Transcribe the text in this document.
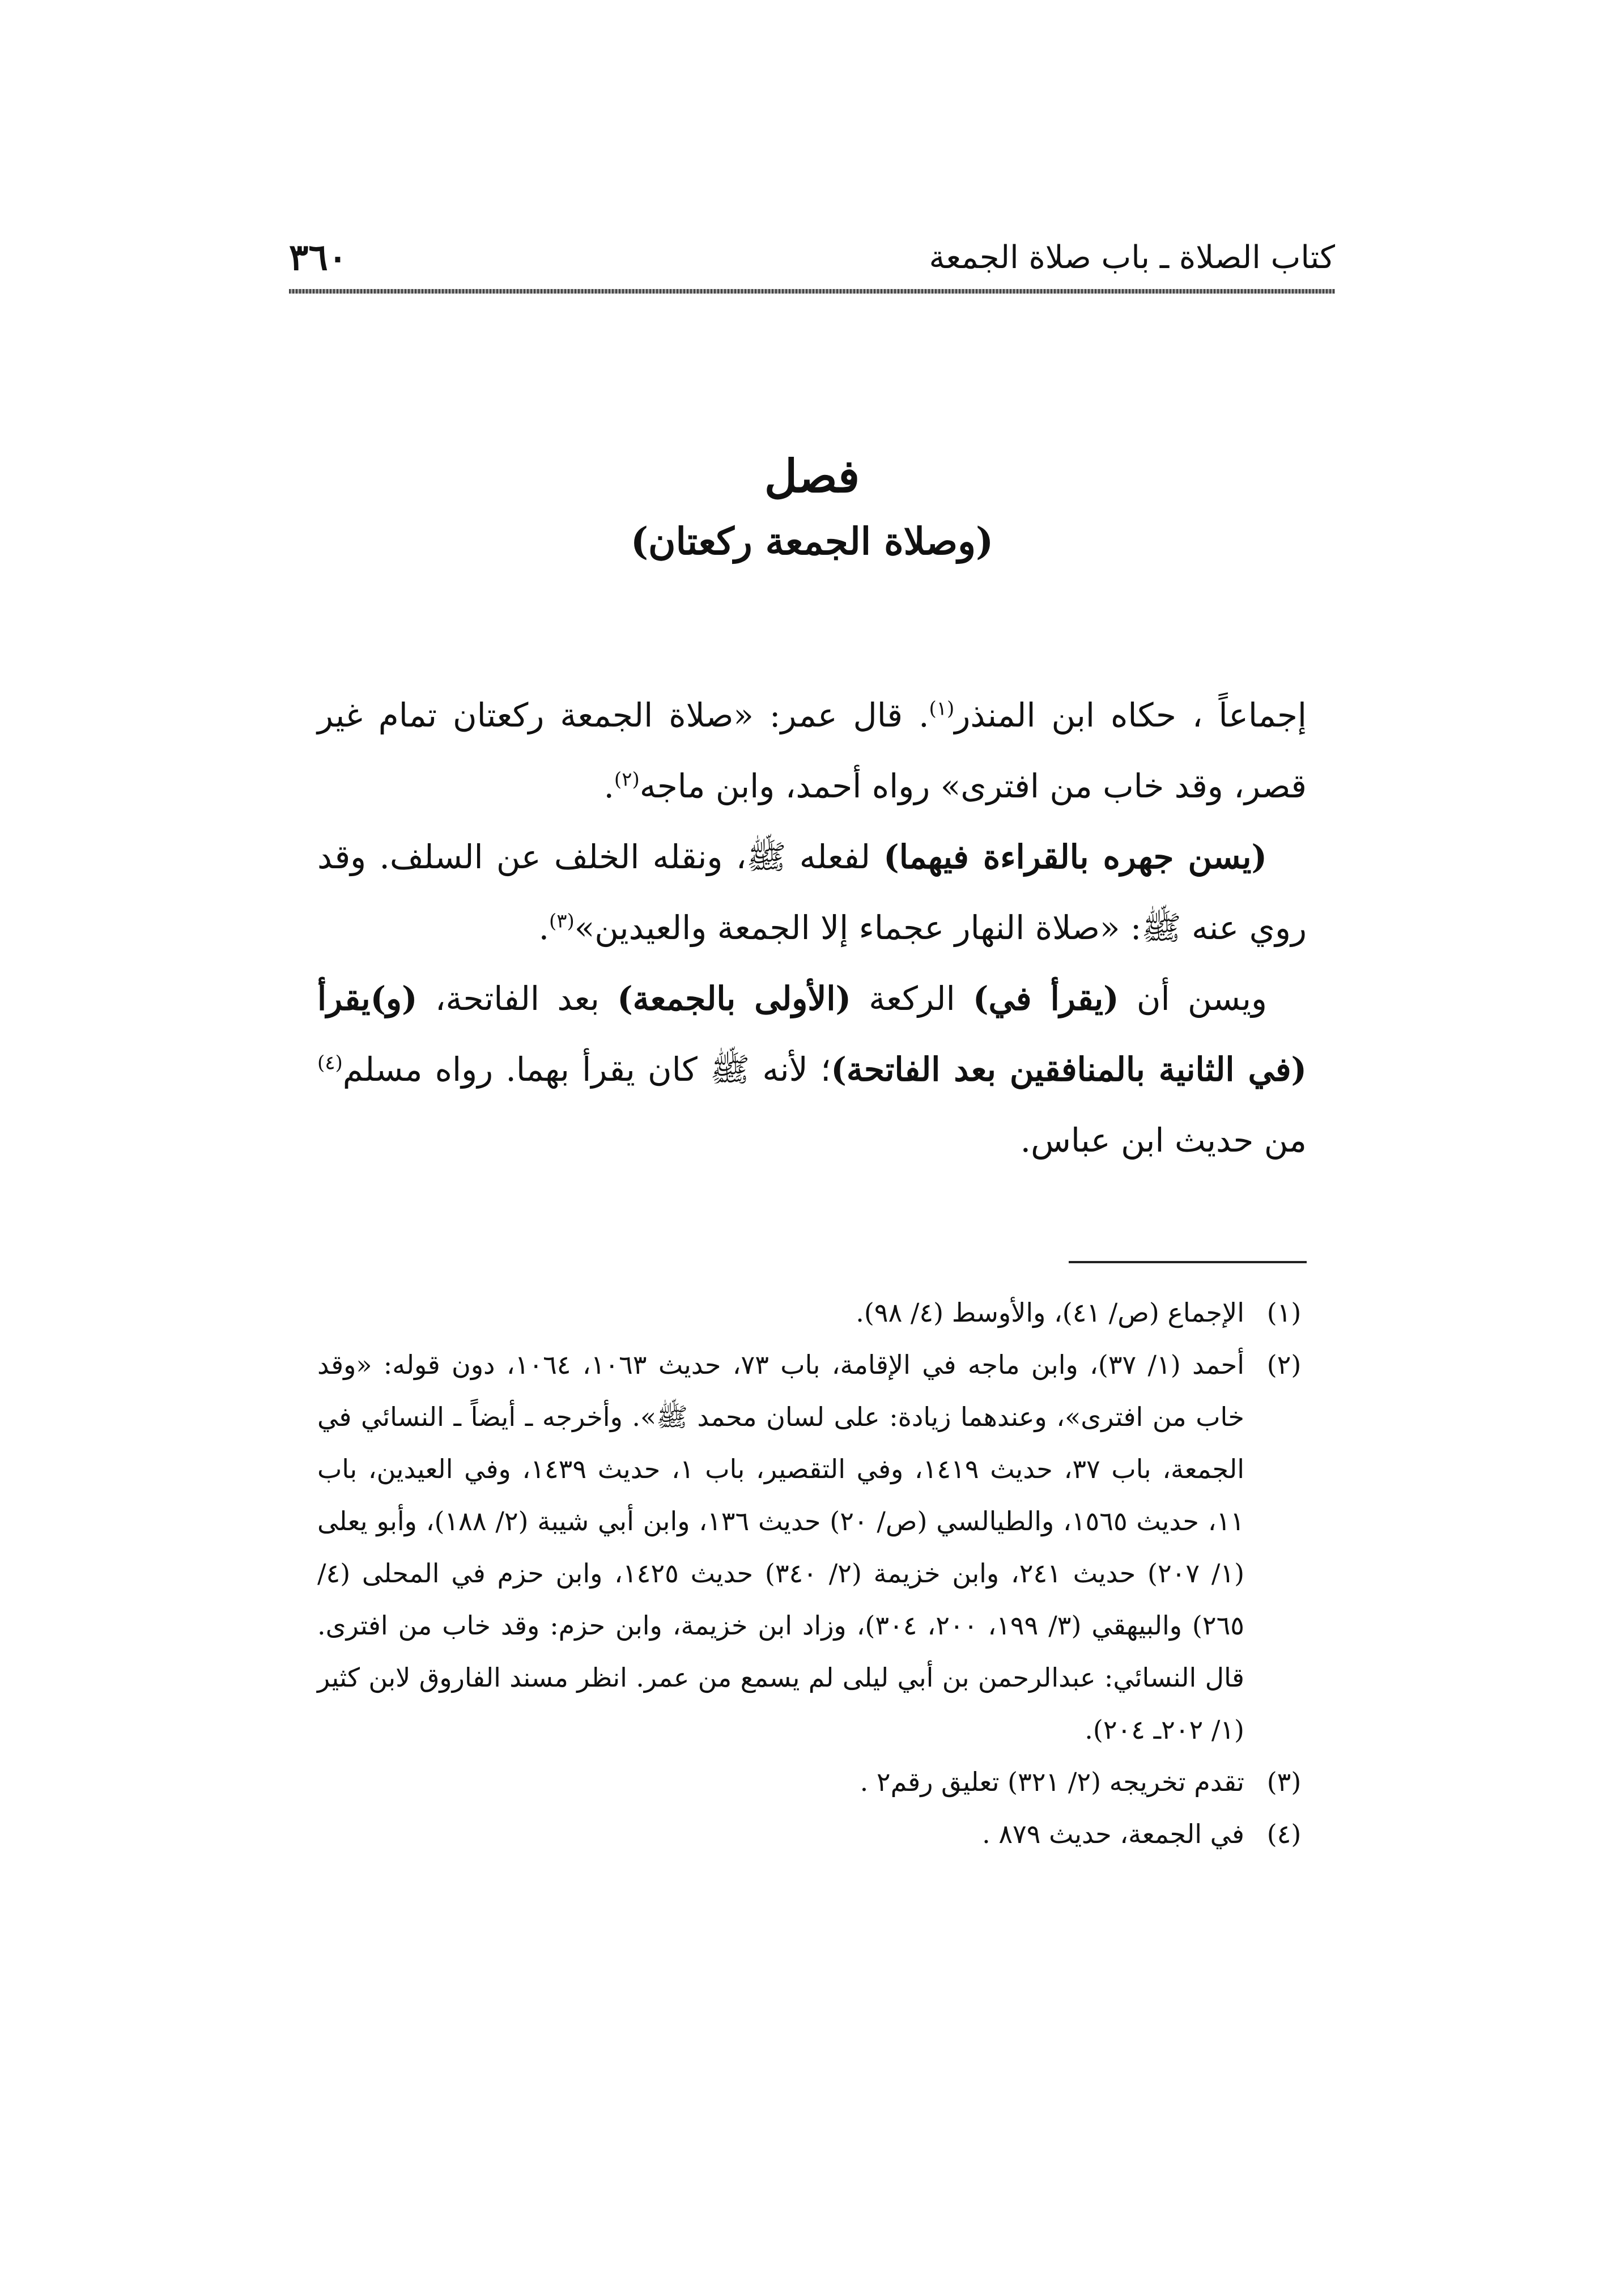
كتاب الصلاة ـ باب صلاة الجمعة
٣٦٠
فصل
(وصلاة الجمعة ركعتان)

إجماعاً ، حكاه ابن المنذر$^{(١)}$. قال عمر: «صلاة الجمعة ركعتان تمام غير قصر، وقد خاب من افترى» رواه أحمد، وابن ماجه$^{(٢)}$.

(يسن جهره بالقراءة فيهما) لفعله ﷺ، ونقله الخلف عن السلف. وقد روي عنه ﷺ: «صلاة النهار عجماء إلا الجمعة والعيدين»$^{(٣)}$.

ويسن أن (يقرأ في) الركعة (الأولى بالجمعة) بعد الفاتحة، (و)يقرأ (في الثانية بالمنافقين بعد الفاتحة)؛ لأنه ﷺ كان يقرأ بهما. رواه مسلم$^{(٤)}$ من حديث ابن عباس.

(١)
الإجماع (ص/ ٤١)، والأوسط (٤/ ٩٨).
(٢)
أحمد (١/ ٣٧)، وابن ماجه في الإقامة، باب ٧٣، حديث ١٠٦٣، ١٠٦٤، دون قوله: «وقد خاب من افترى»، وعندهما زيادة: على لسان محمد ﷺ». وأخرجه ـ أيضاً ـ النسائي في الجمعة، باب ٣٧، حديث ١٤١٩، وفي التقصير، باب ١، حديث ١٤٣٩، وفي العيدين، باب ١١، حديث ١٥٦٥، والطيالسي (ص/ ٢٠) حديث ١٣٦، وابن أبي شيبة (٢/ ١٨٨)، وأبو يعلى (١/ ٢٠٧) حديث ٢٤١، وابن خزيمة (٢/ ٣٤٠) حديث ١٤٢٥، وابن حزم في المحلى (٤/ ٢٦٥) والبيهقي (٣/ ١٩٩، ٢٠٠، ٣٠٤)، وزاد ابن خزيمة، وابن حزم: وقد خاب من افترى. قال النسائي: عبدالرحمن بن أبي ليلى لم يسمع من عمر. انظر مسند الفاروق لابن كثير (١/ ٢٠٢ـ ٢٠٤).
(٣)
تقدم تخريجه (٢/ ٣٢١) تعليق رقم٢ .
(٤)
في الجمعة، حديث ٨٧٩ .
